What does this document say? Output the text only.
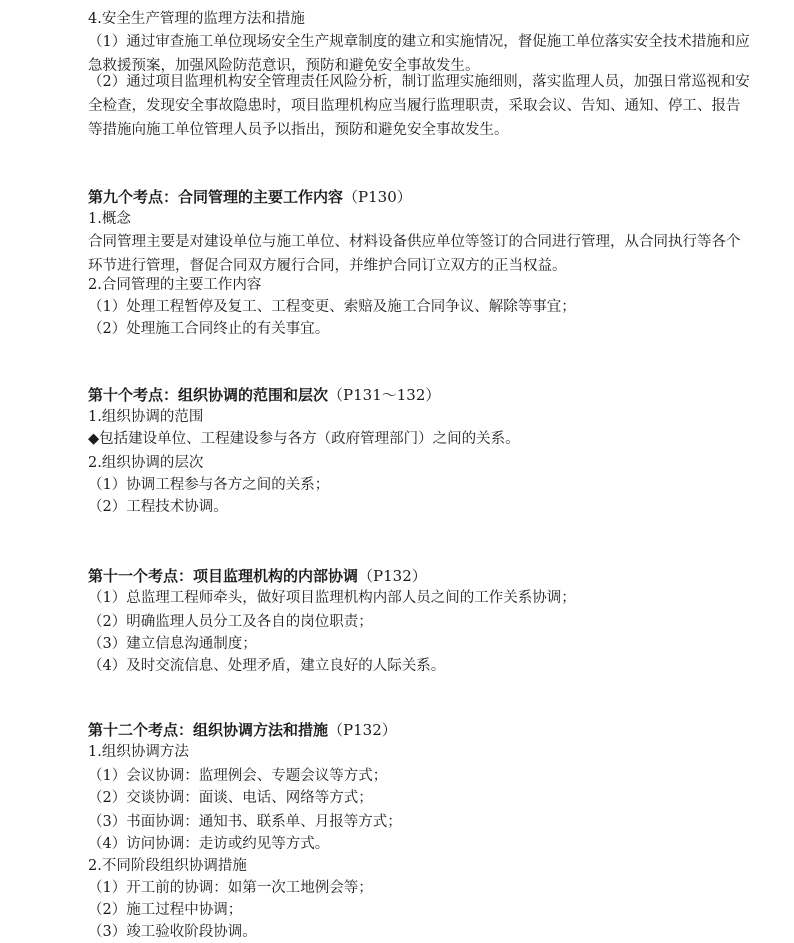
4.安全生产管理的监理方法和措施
（1）通过审查施工单位现场安全生产规章制度的建立和实施情况，督促施工单位落实安全技术措施和应急救援预案，加强风险防范意识，预防和避免安全事故发生。
（2）通过项目监理机构安全管理责任风险分析，制订监理实施细则，落实监理人员，加强日常巡视和安全检查，发现安全事故隐患时，项目监理机构应当履行监理职责，采取会议、告知、通知、停工、报告等措施向施工单位管理人员予以指出，预防和避免安全事故发生。
第九个考点：合同管理的主要工作内容（P130）
1.概念
合同管理主要是对建设单位与施工单位、材料设备供应单位等签订的合同进行管理，从合同执行等各个环节进行管理，督促合同双方履行合同，并维护合同订立双方的正当权益。
2.合同管理的主要工作内容
（1）处理工程暂停及复工、工程变更、索赔及施工合同争议、解除等事宜；
（2）处理施工合同终止的有关事宜。
第十个考点：组织协调的范围和层次（P131～132）
1.组织协调的范围
◆包括建设单位、工程建设参与各方（政府管理部门）之间的关系。
2.组织协调的层次
（1）协调工程参与各方之间的关系；
（2）工程技术协调。
第十一个考点：项目监理机构的内部协调（P132）
（1）总监理工程师牵头，做好项目监理机构内部人员之间的工作关系协调；
（2）明确监理人员分工及各自的岗位职责；
（3）建立信息沟通制度；
（4）及时交流信息、处理矛盾，建立良好的人际关系。
第十二个考点：组织协调方法和措施（P132）
1.组织协调方法
（1）会议协调：监理例会、专题会议等方式；
（2）交谈协调：面谈、电话、网络等方式；
（3）书面协调：通知书、联系单、月报等方式；
（4）访问协调：走访或约见等方式。
2.不同阶段组织协调措施
（1）开工前的协调：如第一次工地例会等；
（2）施工过程中协调；
（3）竣工验收阶段协调。
